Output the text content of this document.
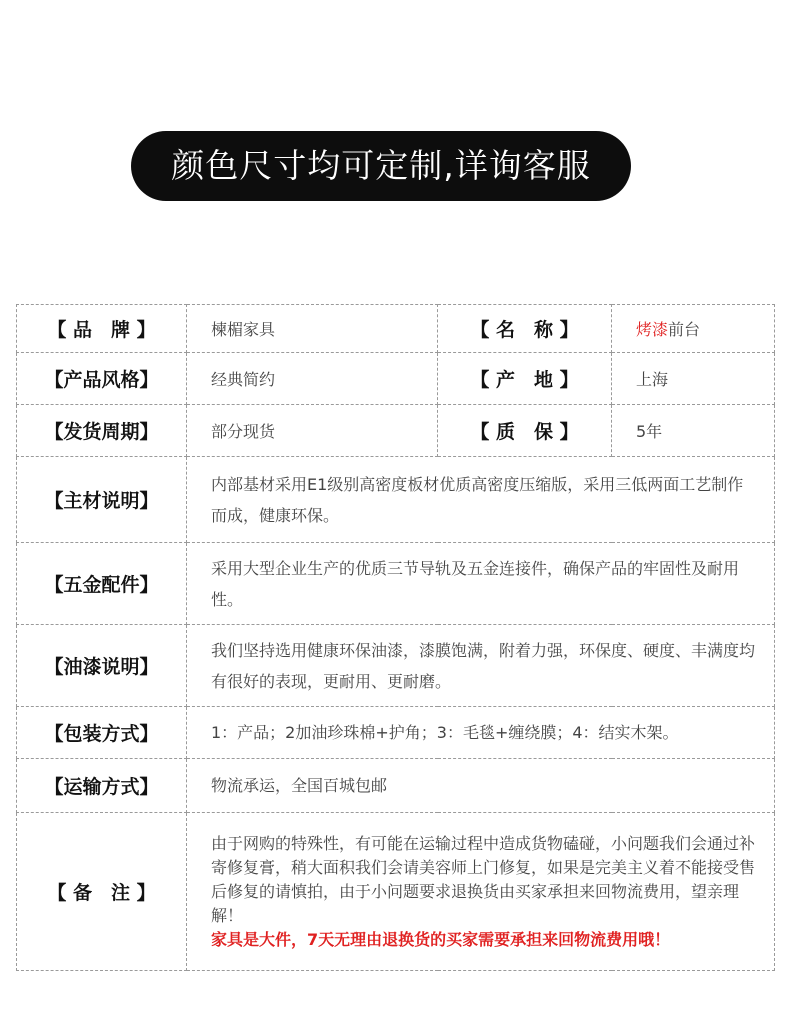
颜色尺寸均可定制,详询客服
【 品　牌 】	楝楣家具	【 名　称 】	烤漆前台
【产品风格】	经典简约	【 产　地 】	上海
【发货周期】	部分现货	【 质　保 】	5年
【主材说明】	内部基材采用E1级别高密度板材优质高密度压缩版，采用三低两面工艺制作而成，健康环保。		
【五金配件】	采用大型企业生产的优质三节导轨及五金连接件，确保产品的牢固性及耐用性。		
【油漆说明】	我们坚持选用健康环保油漆，漆膜饱满，附着力强，环保度、硬度、丰满度均有很好的表现，更耐用、更耐磨。		
【包装方式】	1：产品；2加油珍珠棉+护角；3：毛毯+缠绕膜；4：结实木架。		
【运输方式】	物流承运，全国百城包邮		
【 备　注 】	由于网购的特殊性，有可能在运输过程中造成货物磕碰，小问题我们会通过补寄修复膏，稍大面积我们会请美容师上门修复，如果是完美主义着不能接受售后修复的请慎拍，由于小问题要求退换货由买家承担来回物流费用，望亲理解！
家具是大件，7天无理由退换货的买家需要承担来回物流费用哦！		
